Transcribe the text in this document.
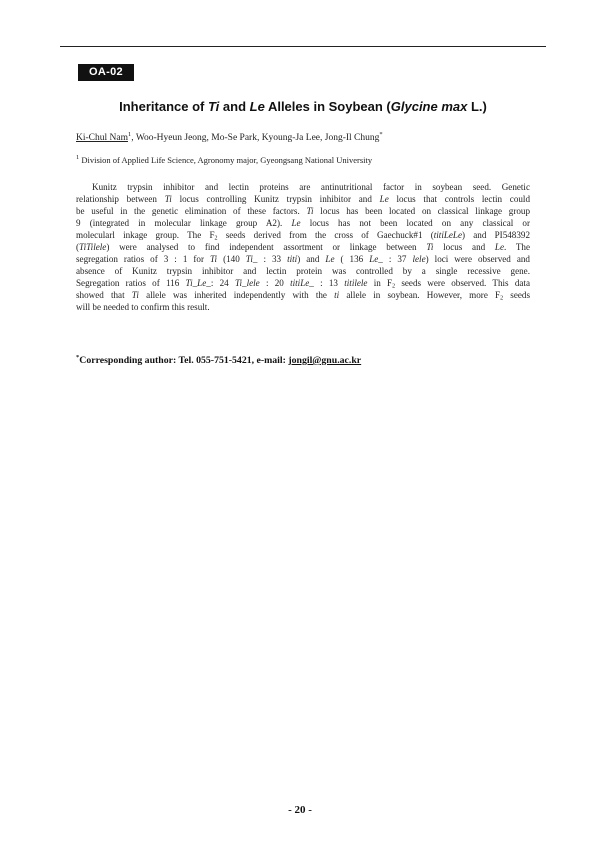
OA-02
Inheritance of Ti and Le Alleles in Soybean (Glycine max L.)
Ki-Chul Nam$^1$, Woo-Hyeun Jeong, Mo-Se Park, Kyoung-Ja Lee, Jong-Il Chung*
$^1$ Division of Applied Life Science, Agronomy major, Gyeongsang National University

Kunitz trypsin inhibitor and lectin proteins are antinutritional factor in soybean seed. Genetic
relationship between Ti locus controlling Kunitz trypsin inhibitor and Le locus that controls lectin could
be useful in the genetic elimination of these factors. Ti locus has been located on classical linkage group
9 (integrated in molecular linkage group A2). Le locus has not been located on any classical or
molecularl inkage group. The $F_2$ seeds derived from the cross of Gaechuck#1 (titiLeLe) and PI548392
(TiTilele) were analysed to find independent assortment or linkage between Ti locus and Le. The
segregation ratios of 3 : 1 for Ti (140 Ti_ : 33 titi) and Le ( 136 Le_ : 37 lele) loci were observed and
absence of Kunitz trypsin inhibitor and lectin protein was controlled by a single recessive gene.
Segregation ratios of 116 Ti_Le_: 24 Ti_lele : 20 titiLe_ : 13 titilele in $F_2$ seeds were observed. This data
showed that Ti allele was inherited independently with the ti allele in soybean. However, more $F_2$ seeds
will be needed to confirm this result.

*Corresponding author: Tel. 055-751-5421, e-mail: jongil@gnu.ac.kr
- 20 -
